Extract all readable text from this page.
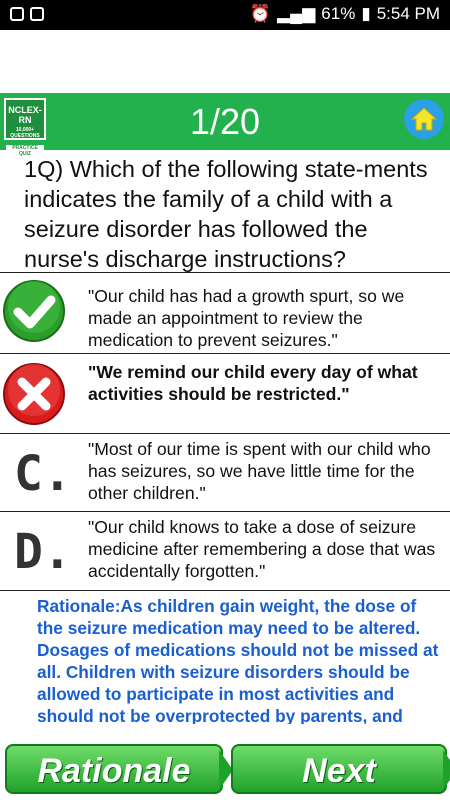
⏰ ▂▄▆ 61% ▮ 5:54 PM
NCLEX-RN
10,000+ QUESTIONS
PRACTICE QUIZ
1/20
1Q) Which of the following state-ments indicates the family of a child with a seizure disorder has followed the nurse's discharge instructions?
"Our child has had a growth spurt, so we made an appointment to review the medication to prevent seizures."
"We remind our child every day of what activities should be restricted."
C. "Most of our time is spent with our child who has seizures, so we have little time for the other children."
D. "Our child knows to take a dose of seizure medicine after remembering a dose that was accidentally forgotten."
Rationale:As children gain weight, the dose of the seizure medication may need to be altered. Dosages of medications should not be missed at all. Children with seizure disorders should be allowed to participate in most activities and should not be overprotected by parents, and
Rationale	Next
